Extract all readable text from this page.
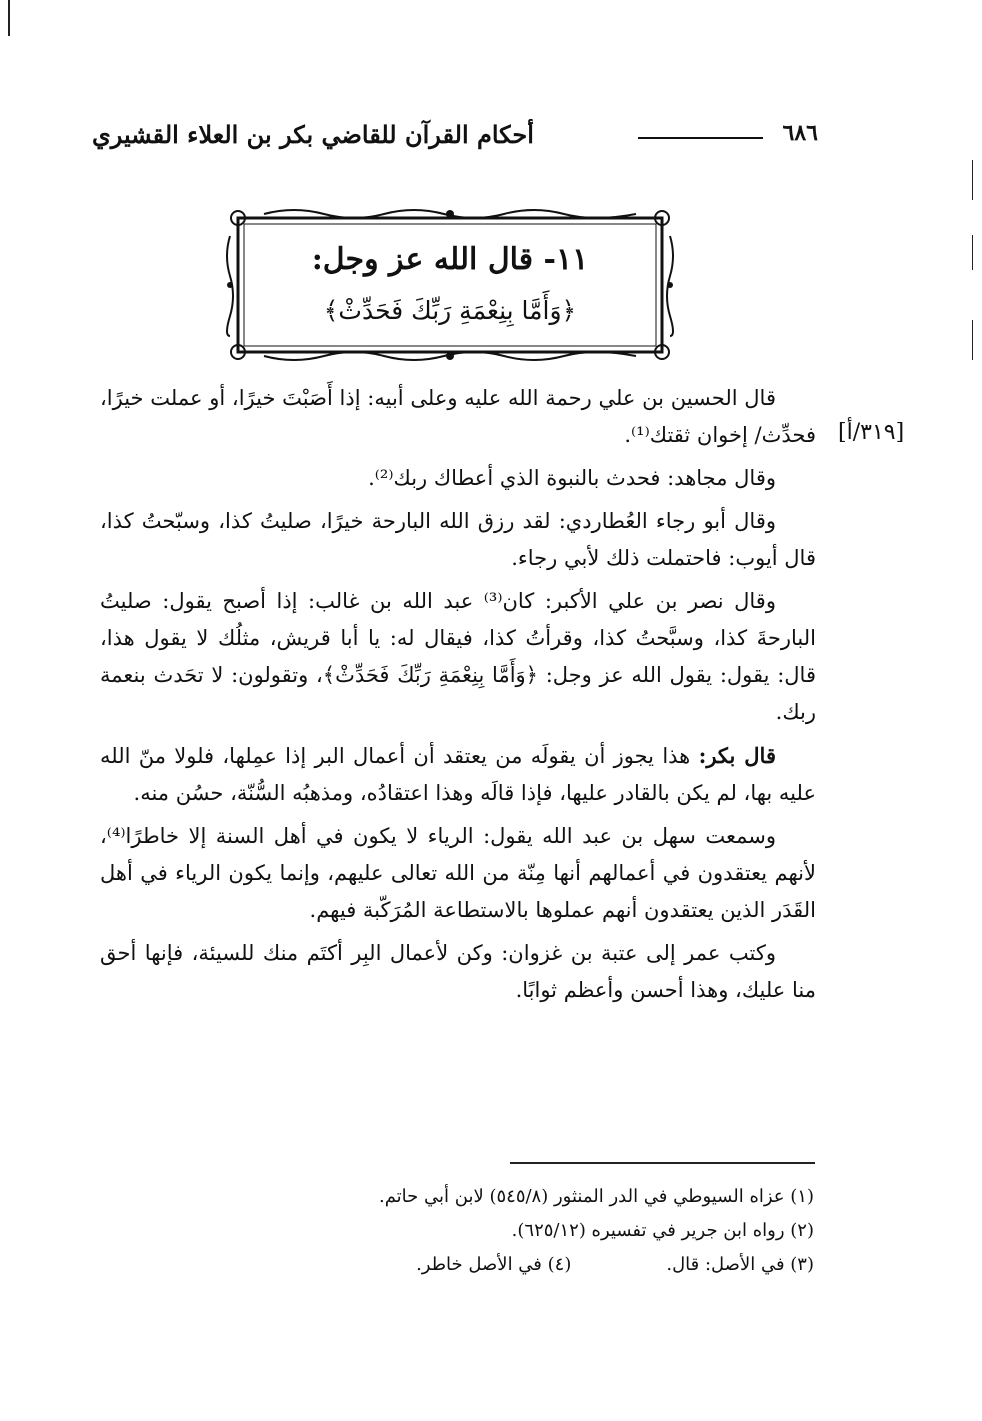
٦٨٦
أحكام القرآن للقاضي بكر بن العلاء القشيري
١١- قال الله عز وجل:
﴿وَأَمَّا بِنِعْمَةِ رَبِّكَ فَحَدِّثْ﴾
[٣١٩/أ]

قال الحسين بن علي رحمة الله عليه وعلى أبيه: إذا أَصَبْتَ خيرًا، أو عملت خيرًا، فحدِّث/ إخوان ثقتك⁽¹⁾.

وقال مجاهد: فحدث بالنبوة الذي أعطاك ربك⁽²⁾.

وقال أبو رجاء العُطاردي: لقد رزق الله البارحة خيرًا، صليتُ كذا، وسبّحتُ كذا، قال أيوب: فاحتملت ذلك لأبي رجاء.

وقال نصر بن علي الأكبر: كان⁽³⁾ عبد الله بن غالب: إذا أصبح يقول: صليتُ البارحةَ كذا، وسبَّحتُ كذا، وقرأتُ كذا، فيقال له: يا أبا قريش، مثلُك لا يقول هذا، قال: يقول: يقول الله عز وجل: ﴿وَأَمَّا بِنِعْمَةِ رَبِّكَ فَحَدِّثْ﴾، وتقولون: لا تحَدث بنعمة ربك.

قال بكر: هذا يجوز أن يقولَه من يعتقد أن أعمال البر إذا عمِلها، فلولا منّ الله عليه بها، لم يكن بالقادر عليها، فإذا قالَه وهذا اعتقادُه، ومذهبُه السُّنّة، حسُن منه.

وسمعت سهل بن عبد الله يقول: الرياء لا يكون في أهل السنة إلا خاطرًا⁽⁴⁾، لأنهم يعتقدون في أعمالهم أنها مِنّة من الله تعالى عليهم، وإنما يكون الرياء في أهل القَدَر الذين يعتقدون أنهم عملوها بالاستطاعة المُرَكّبة فيهم.

وكتب عمر إلى عتبة بن غزوان: وكن لأعمال البِر أكتَم منك للسيئة، فإنها أحق منا عليك، وهذا أحسن وأعظم ثوابًا.

(١) عزاه السيوطي في الدر المنثور (٥٤٥/٨) لابن أبي حاتم.
(٢) رواه ابن جرير في تفسيره (٦٢٥/١٢).
(٣) في الأصل: قال.
(٤) في الأصل خاطر.
